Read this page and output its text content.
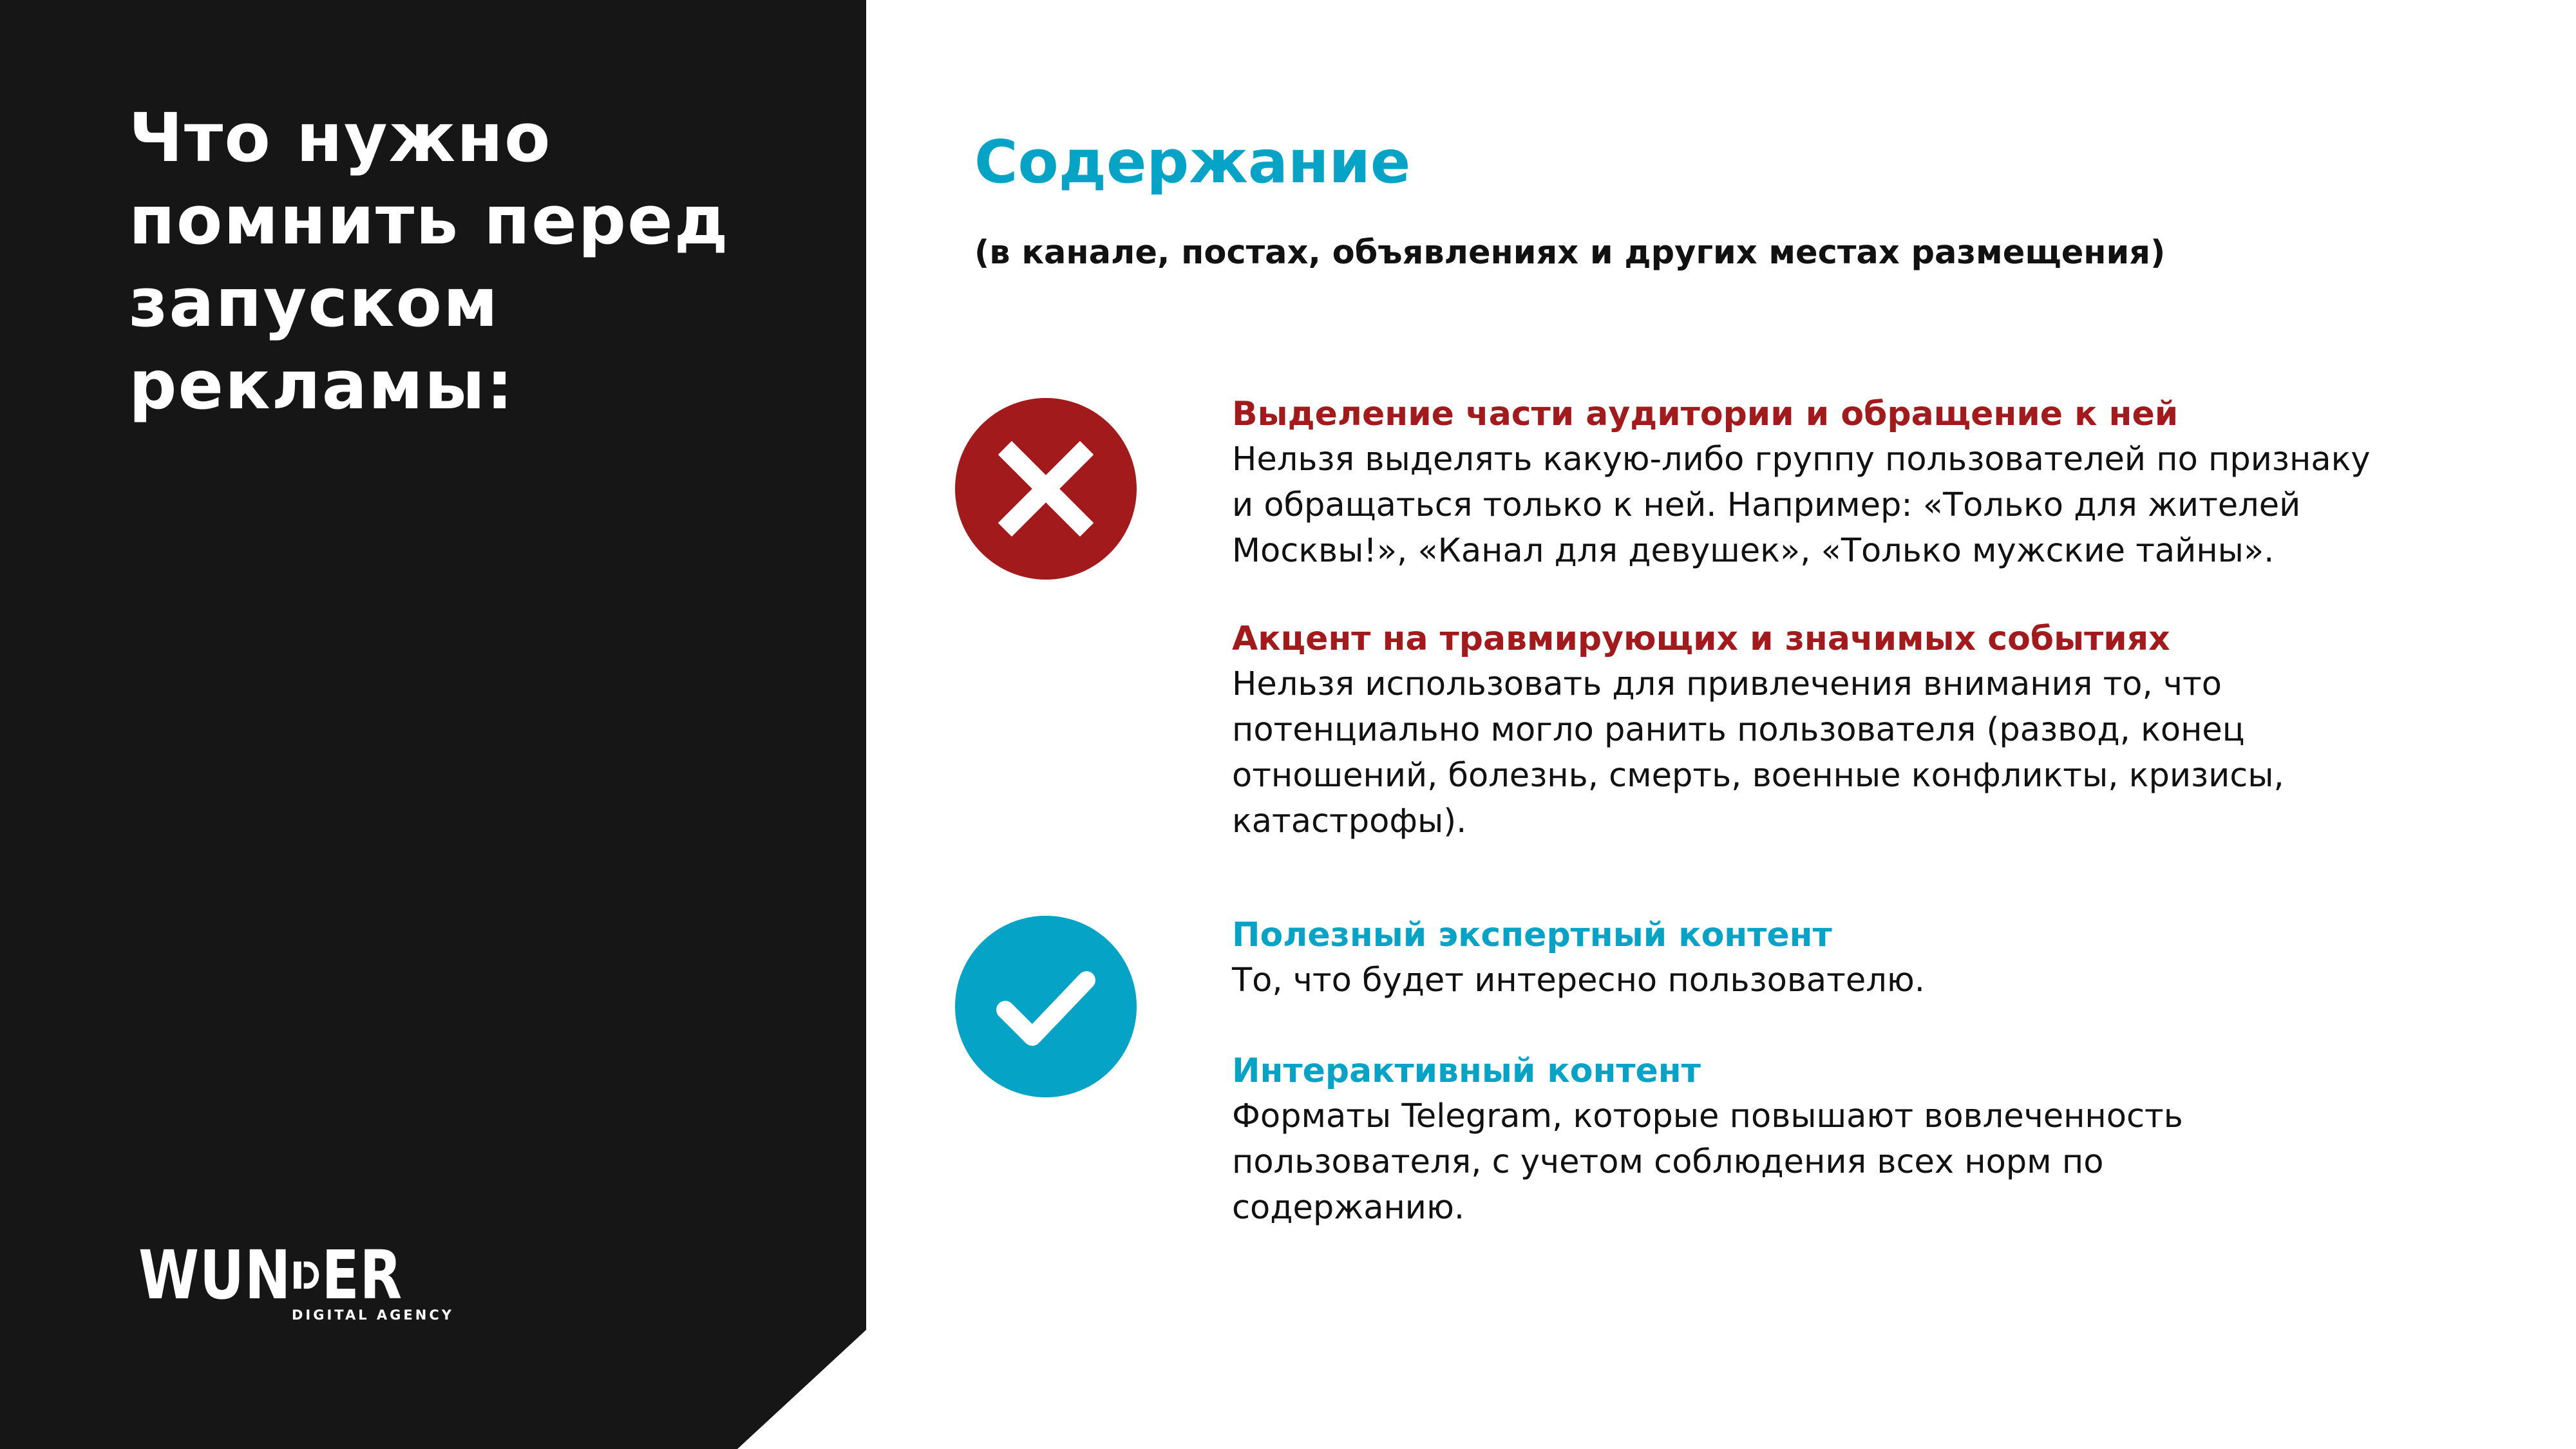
Что нужно
помнить перед
запуском
рекламы:
WUN ER
DIGITAL AGENCY
Содержание

(в канале, постах, объявлениях и других местах размещения)

Выделение части аудитории и обращение к ней

Нельзя выделять какую-либо группу пользователей по признаку
и обращаться только к ней. Например: «Только для жителей
Москвы!», «Канал для девушек», «Только мужские тайны».

Акцент на травмирующих и значимых событиях

Нельзя использовать для привлечения внимания то, что
потенциально могло ранить пользователя (развод, конец
отношений, болезнь, смерть, военные конфликты, кризисы,
катастрофы).

Полезный экспертный контент

То, что будет интересно пользователю.

Интерактивный контент

Форматы Telegram, которые повышают вовлеченность
пользователя, с учетом соблюдения всех норм по
содержанию.
